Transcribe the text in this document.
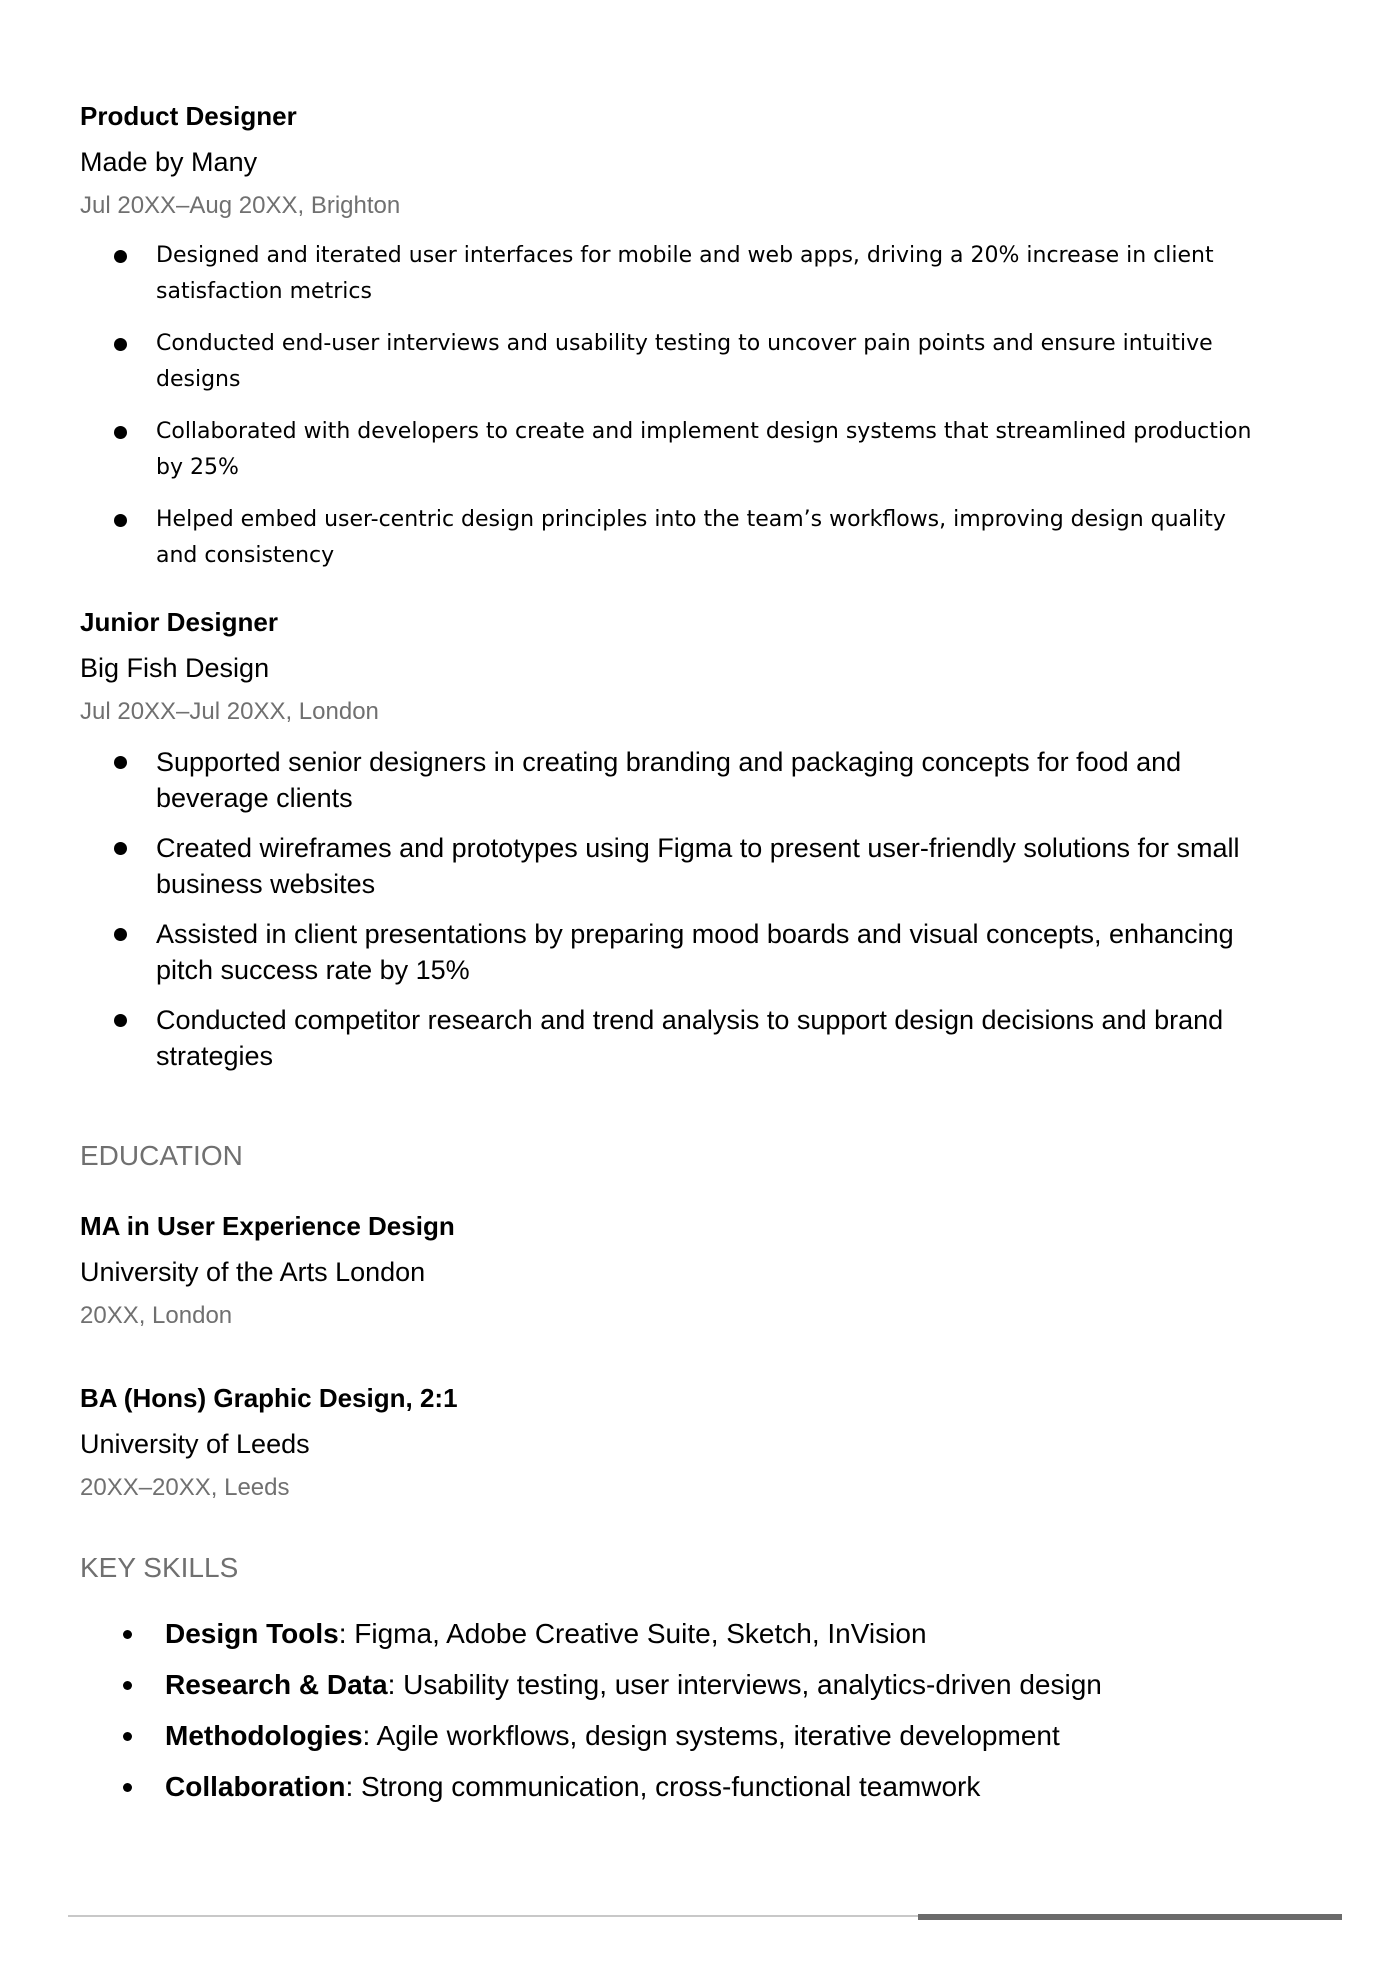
Product Designer

Made by Many

Jul 20XX–Aug 20XX, Brighton

Designed and iterated user interfaces for mobile and web apps, driving a 20% increase in client satisfaction metrics
Conducted end-user interviews and usability testing to uncover pain points and ensure intuitive designs
Collaborated with developers to create and implement design systems that streamlined production by 25%
Helped embed user-centric design principles into the team’s workflows, improving design quality and consistency

Junior Designer

Big Fish Design

Jul 20XX–Jul 20XX, London

Supported senior designers in creating branding and packaging concepts for food and beverage clients
Created wireframes and prototypes using Figma to present user-friendly solutions for small business websites
Assisted in client presentations by preparing mood boards and visual concepts, enhancing pitch success rate by 15%
Conducted competitor research and trend analysis to support design decisions and brand strategies

EDUCATION

MA in User Experience Design

University of the Arts London

20XX, London

BA (Hons) Graphic Design, 2:1

University of Leeds

20XX–20XX, Leeds

KEY SKILLS

Design Tools: Figma, Adobe Creative Suite, Sketch, InVision
Research & Data: Usability testing, user interviews, analytics-driven design
Methodologies: Agile workflows, design systems, iterative development
Collaboration: Strong communication, cross-functional teamwork
